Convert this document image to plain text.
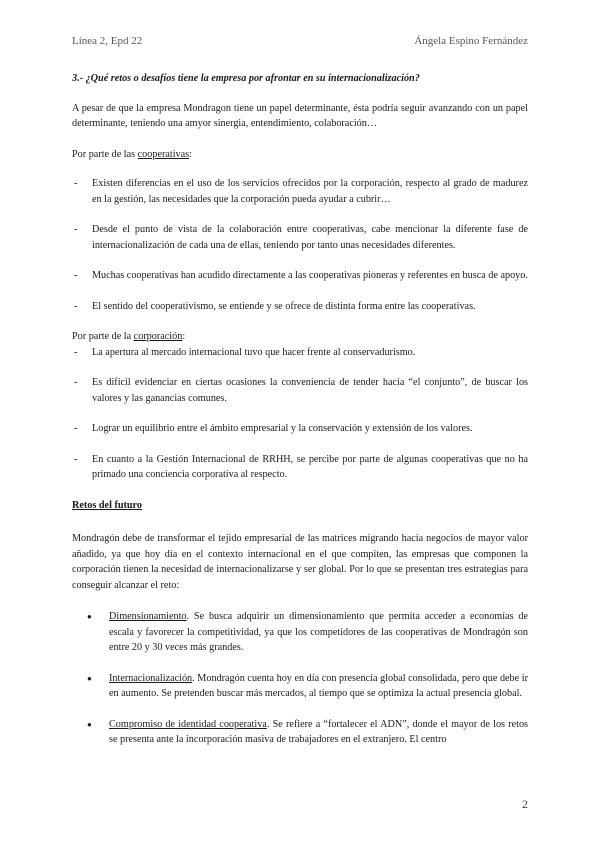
Línea 2, Epd 22	Ángela Espino Fernández

3.- ¿Qué retos o desafíos tiene la empresa por afrontar en su internacionalización?

A pesar de que la empresa Mondragon tiene un papel determinante, ésta podría seguir avanzando con un papel determinante, teniendo una amyor sinergia, entendimiento, colaboración…

Por parte de las cooperativas:

- Existen diferencias en el uso de los servicios ofrecidos por la corporación, respecto al grado de madurez en la gestión, las necesidades que la corporación pueda ayudar a cubrir…
- Desde el punto de vista de la colaboración entre cooperativas, cabe mencionar la diferente fase de internacionalización de cada una de ellas, teniendo por tanto unas necesidades diferentes.
- Muchas cooperativas han acudido directamente a las cooperativas pioneras y referentes en busca de apoyo.
- El sentido del cooperativismo, se entiende y se ofrece de distinta forma entre las cooperativas.

Por parte de la corporación:

- La apertura al mercado internacional tuvo que hacer frente al conservadurismo.
- Es difícil evidenciar en ciertas ocasiones la conveniencia de tender hacia “el conjunto”, de buscar los valores y las ganancias comunes.
- Lograr un equilibrio entre el ámbito empresarial y la conservación y extensión de los valores.
- En cuanto a la Gestión Internacional de RRHH, se percibe por parte de algunas cooperativas que no ha primado una conciencia corporativa al respecto.

Retos del futuro

Mondragón debe de transformar el tejido empresarial de las matrices migrando hacia negocios de mayor valor añadido, ya que hoy día en el contexto internacional en el que compiten, las empresas que componen la corporación tienen la necesidad de internacionalizarse y ser global. Por lo que se presentan tres estrategias para conseguir alcanzar el reto:

● Dimensionamiento. Se busca adquirir un dimensionamiento que permita acceder a economías de escala y favorecer la competitividad, ya que los competidores de las cooperativas de Mondragón son entre 20 y 30 veces más grandes.
● Internacionalización. Mondragón cuenta hoy en día con presencia global consolidada, pero que debe ir en aumento. Se pretenden buscar más mercados, al tiempo que se optimiza la actual presencia global.
● Compromiso de identidad cooperativa. Se refiere a “fortalecer el ADN”, donde el mayor de los retos se presenta ante la incorporación masiva de trabajadores en el extranjero. El centro
2
